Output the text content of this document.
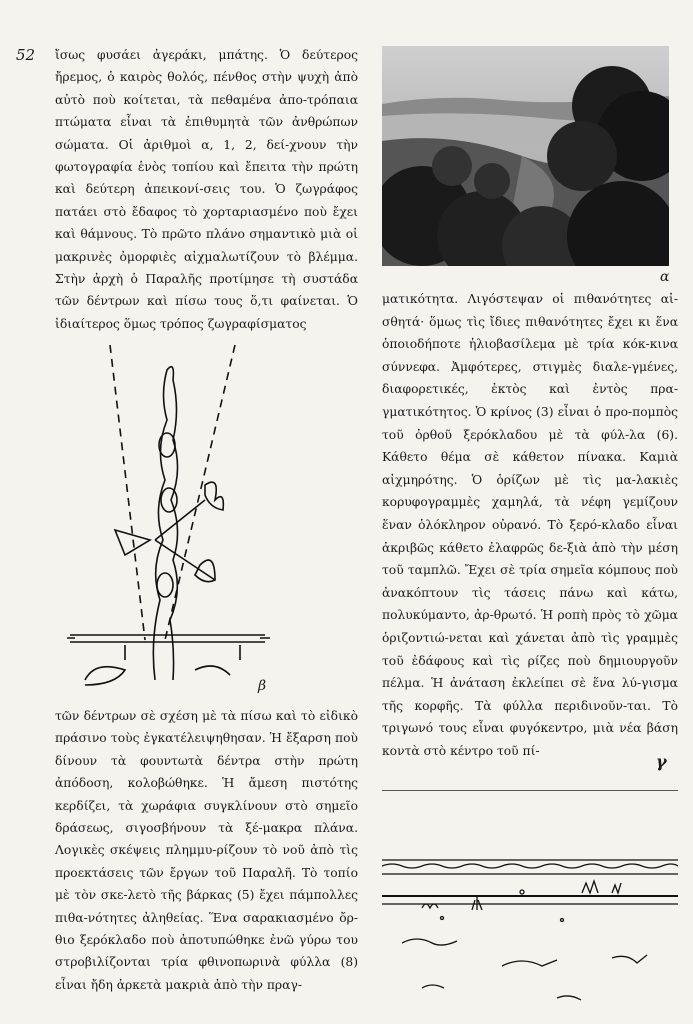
52 ἴσως φυσάει ἀγεράκι, μπάτης. Ὁ δεύτερος ἤρεμος, ὁ καιρὸς θολός, πένθος στὴν ψυχὴ ἀπὸ αὐτὸ ποὺ κοίτεται, τὰ πεθαμένα ἀπο-τρόπαια πτώματα εἶναι τὰ ἐπιθυμητὰ τῶν ἀνθρώπων σώματα. Οἱ ἀριθμοὶ α, 1, 2, δεί-χνουν τὴν φωτογραφία ἑνὸς τοπίου καὶ ἔπειτα τὴν πρώτη καὶ δεύτερη ἀπεικονί-σεις του. Ὁ ζωγράφος πατάει στὸ ἔδαφος τὸ χορταριασμένο ποὺ ἔχει καὶ θάμνους. Τὸ πρῶτο πλάνο σημαντικὸ μιὰ οἱ μακρινὲς ὀμορφιὲς αἰχμαλωτίζουν τὸ βλέμμα. Στὴν ἀρχὴ ὁ Παραλῆς προτίμησε τὴ συστάδα τῶν δέντρων καὶ πίσω τους ὅ,τι φαίνεται. Ὁ ἰδιαίτερος ὅμως τρόπος ζωγραφίσματος

τῶν δέντρων σὲ σχέση μὲ τὰ πίσω καὶ τὸ εἰδικὸ πράσινο τοὺς ἐγκατέλειψηθησαν. Ἡ ἔξαρση ποὺ δίνουν τὰ φουντωτὰ δέντρα στὴν πρώτη ἀπόδοση, κολοβώθηκε. Ἡ ἄμεση πιστότης κερδίζει, τὰ χωράφια συγκλίνουν στὸ σημεῖο δράσεως, σιγοσβήνουν τὰ ξέ-μακρα πλάνα. Λογικὲς σκέψεις πλημμυ-ρίζουν τὸ νοῦ ἀπὸ τὶς προεκτάσεις τῶν ἔργων τοῦ Παραλῆ. Τὸ τοπίο μὲ τὸν σκε-λετὸ τῆς βάρκας (5) ἔχει πάμπολλες πιθα-νότητες ἀληθείας. Ἕνα σαρακιασμένο ὄρ-θιο ξερόκλαδο ποὺ ἀποτυπώθηκε ἐνῶ γύρω του στροβιλίζονται τρία φθινοπωρινὰ φύλλα (8) εἶναι ἤδη ἀρκετὰ μακριὰ ἀπὸ τὴν πραγ-

α
β

ματικότητα. Λιγόστεψαν οἱ πιθανότητες αἰ-σθητά· ὅμως τὶς ἴδιες πιθανότητες ἔχει κι ἕνα ὁποιοδήποτε ἡλιοβασίλεμα μὲ τρία κόκ-κινα σύννεφα. Ἀμφότερες, στιγμὲς διαλε-γμένες, διαφορετικές, ἐκτὸς καὶ ἐντὸς πρα-γματικότητος. Ὁ κρίνος (3) εἶναι ὁ προ-πομπὸς τοῦ ὀρθοῦ ξερόκλαδου μὲ τὰ φύλ-λα (6). Κάθετο θέμα σὲ κάθετον πίνακα. Καμιὰ αἰχμηρότης. Ὁ ὁρίζων μὲ τὶς μα-λακιὲς κορυφογραμμὲς χαμηλά, τὰ νέφη γεμίζουν ἕναν ὁλόκληρον οὐρανό. Τὸ ξερό-κλαδο εἶναι ἀκριβῶς κάθετο ἐλαφρῶς δε-ξιὰ ἀπὸ τὴν μέση τοῦ ταμπλῶ. Ἔχει σὲ τρία σημεῖα κόμπους ποὺ ἀνακόπτουν τὶς τάσεις πάνω καὶ κάτω, πολυκύμαντο, ἀρ-θρωτό. Ἡ ροπὴ πρὸς τὸ χῶμα ὁριζοντιώ-νεται καὶ χάνεται ἀπὸ τὶς γραμμὲς τοῦ ἐδάφους καὶ τὶς ρίζες ποὺ δημιουργοῦν πέλμα. Ἡ ἀνάταση ἐκλείπει σὲ ἕνα λύ-γισμα τῆς κορφῆς. Τὰ φύλλα περιδινοῦν-ται. Τὸ τριγωνό τους εἶναι φυγόκεντρο, μιὰ νέα βάση κοντὰ στὸ κέντρο τοῦ πί-

γ
